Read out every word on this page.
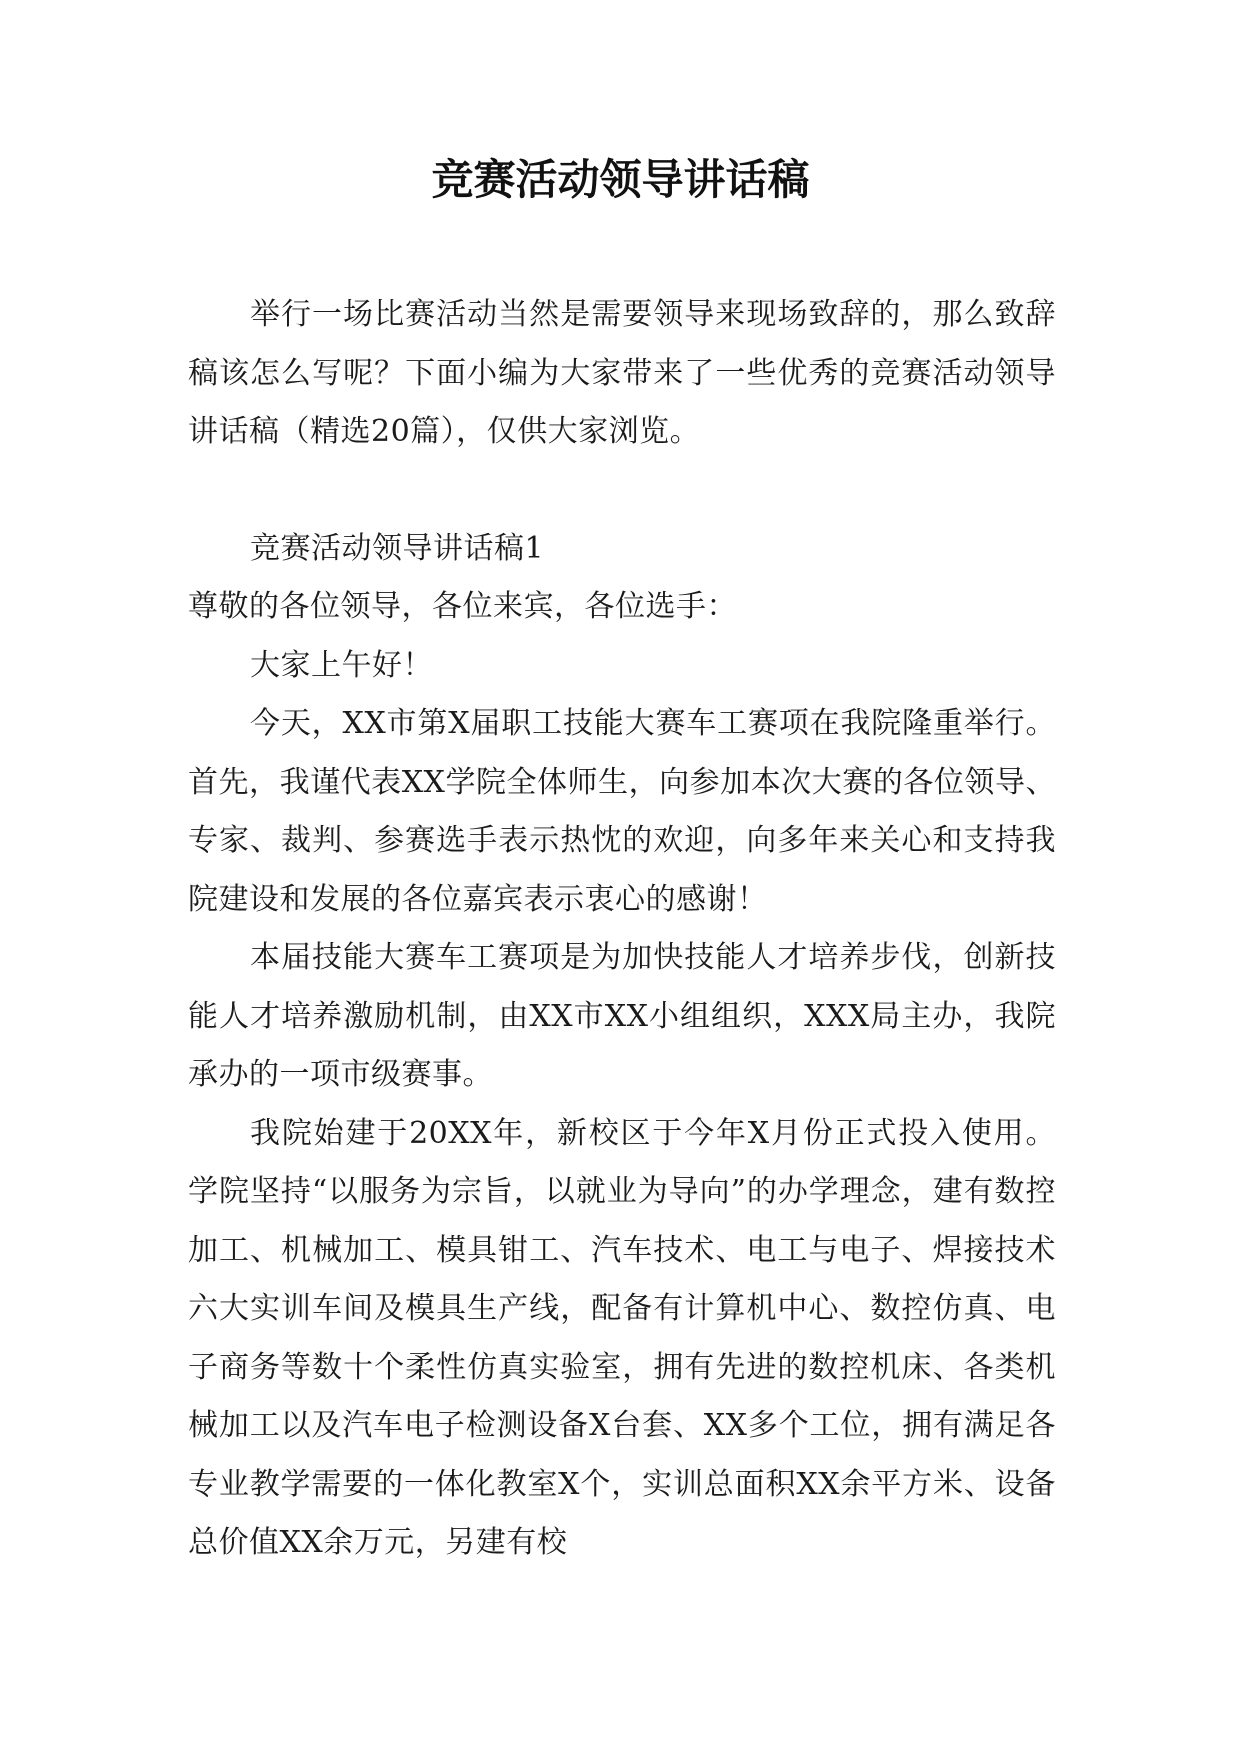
竞赛活动领导讲话稿

举行一场比赛活动当然是需要领导来现场致辞的，那么致辞稿该怎么写呢？下面小编为大家带来了一些优秀的竞赛活动领导讲话稿（精选20篇），仅供大家浏览。

竞赛活动领导讲话稿1

尊敬的各位领导，各位来宾，各位选手：

大家上午好！

今天，XX市第X届职工技能大赛车工赛项在我院隆重举行。首先，我谨代表XX学院全体师生，向参加本次大赛的各位领导、专家、裁判、参赛选手表示热忱的欢迎，向多年来关心和支持我院建设和发展的各位嘉宾表示衷心的感谢！

本届技能大赛车工赛项是为加快技能人才培养步伐，创新技能人才培养激励机制，由XX市XX小组组织，XXX局主办，我院承办的一项市级赛事。

我院始建于20XX年，新校区于今年X月份正式投入使用。学院坚持“以服务为宗旨，以就业为导向”的办学理念，建有数控加工、机械加工、模具钳工、汽车技术、电工与电子、焊接技术六大实训车间及模具生产线，配备有计算机中心、数控仿真、电子商务等数十个柔性仿真实验室，拥有先进的数控机床、各类机械加工以及汽车电子检测设备X台套、XX多个工位，拥有满足各专业教学需要的一体化教室X个，实训总面积XX余平方米、设备总价值XX余万元，另建有校
